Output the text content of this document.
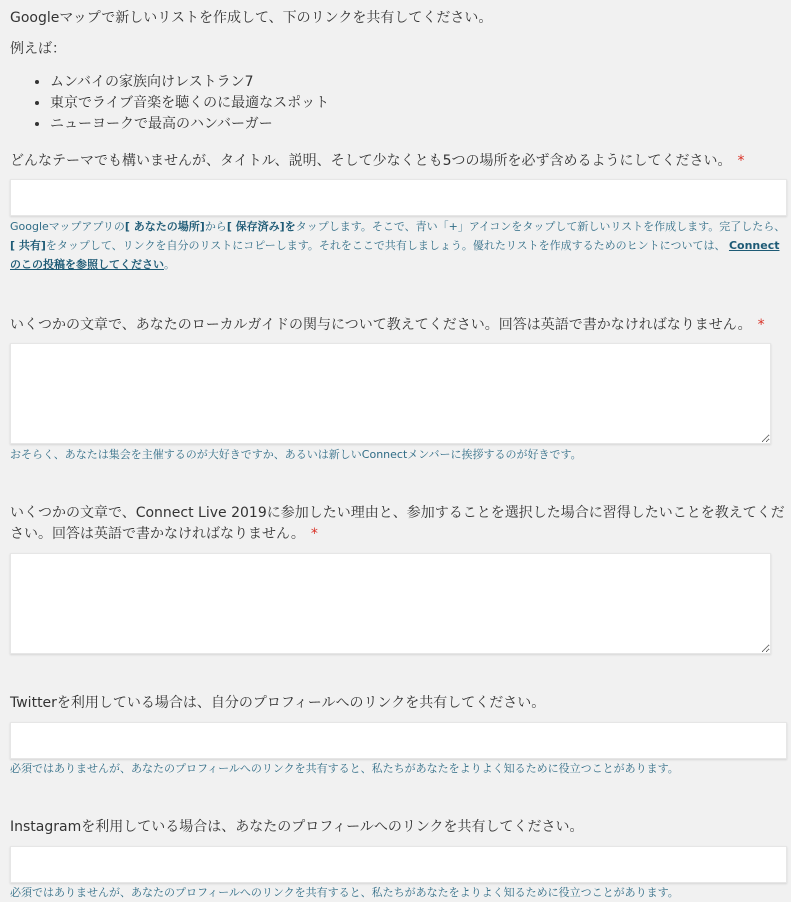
Googleマップで新しいリストを作成して、下のリンクを共有してください。

例えば：

• ムンバイの家族向けレストラン7
• 東京でライブ音楽を聴くのに最適なスポット
• ニューヨークで最高のハンバーガー
どんなテーマでも構いませんが、タイトル、説明、そして少なくとも5つの場所を必ず含めるようにしてください。 *
Googleマップアプリの[ あなたの場所]から[ 保存済み]をタップします。そこで、青い「+」アイコンをタップして新しいリストを作成します。完了したら、[ 共有]をタップして、リンクを自分のリストにコピーします。それをここで共有しましょう。優れたリストを作成するためのヒントについては、 Connectのこの投稿を参照してください。
いくつかの文章で、あなたのローカルガイドの関与について教えてください。回答は英語で書かなければなりません。 *
おそらく、あなたは集会を主催するのが大好きですか、あるいは新しいConnectメンバーに挨拶するのが好きです。
いくつかの文章で、Connect Live 2019に参加したい理由と、参加することを選択した場合に習得したいことを教えてください。回答は英語で書かなければなりません。 *
Twitterを利用している場合は、自分のプロフィールへのリンクを共有してください。
必須ではありませんが、あなたのプロフィールへのリンクを共有すると、私たちがあなたをよりよく知るために役立つことがあります。
Instagramを利用している場合は、あなたのプロフィールへのリンクを共有してください。
必須ではありませんが、あなたのプロフィールへのリンクを共有すると、私たちがあなたをよりよく知るために役立つことがあります。
